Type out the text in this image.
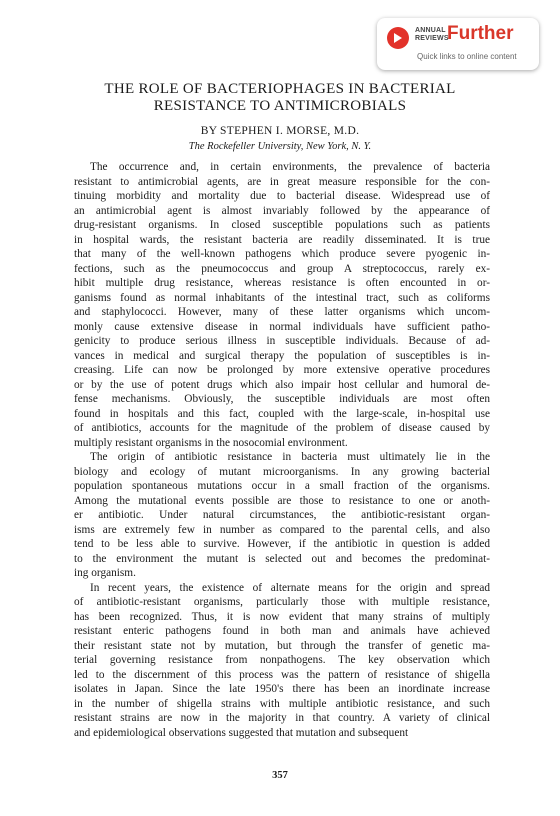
ANNUAL
REVIEWS
Further
Quick links to online content
THE ROLE OF BACTERIOPHAGES IN BACTERIAL
RESISTANCE TO ANTIMICROBIALS
BY STEPHEN I. MORSE, M.D.
The Rockefeller University, New York, N. Y.

The occurrence and, in certain environments, the prevalence of bacteria
resistant to antimicrobial agents, are in great measure responsible for the con-
tinuing morbidity and mortality due to bacterial disease. Widespread use of
an antimicrobial agent is almost invariably followed by the appearance of
drug-resistant organisms. In closed susceptible populations such as patients
in hospital wards, the resistant bacteria are readily disseminated. It is true
that many of the well-known pathogens which produce severe pyogenic in-
fections, such as the pneumococcus and group A streptococcus, rarely ex-
hibit multiple drug resistance, whereas resistance is often encounted in or-
ganisms found as normal inhabitants of the intestinal tract, such as coliforms
and staphylococci. However, many of these latter organisms which uncom-
monly cause extensive disease in normal individuals have sufficient patho-
genicity to produce serious illness in susceptible individuals. Because of ad-
vances in medical and surgical therapy the population of susceptibles is in-
creasing. Life can now be prolonged by more extensive operative procedures
or by the use of potent drugs which also impair host cellular and humoral de-
fense mechanisms. Obviously, the susceptible individuals are most often
found in hospitals and this fact, coupled with the large-scale, in-hospital use
of antibiotics, accounts for the magnitude of the problem of disease caused by
multiply resistant organisms in the nosocomial environment.

The origin of antibiotic resistance in bacteria must ultimately lie in the
biology and ecology of mutant microorganisms. In any growing bacterial
population spontaneous mutations occur in a small fraction of the organisms.
Among the mutational events possible are those to resistance to one or anoth-
er antibiotic. Under natural circumstances, the antibiotic-resistant organ-
isms are extremely few in number as compared to the parental cells, and also
tend to be less able to survive. However, if the antibiotic in question is added
to the environment the mutant is selected out and becomes the predominat-
ing organism.

In recent years, the existence of alternate means for the origin and spread
of antibiotic-resistant organisms, particularly those with multiple resistance,
has been recognized. Thus, it is now evident that many strains of multiply
resistant enteric pathogens found in both man and animals have achieved
their resistant state not by mutation, but through the transfer of genetic ma-
terial governing resistance from nonpathogens. The key observation which
led to the discernment of this process was the pattern of resistance of shigella
isolates in Japan. Since the late 1950's there has been an inordinate increase
in the number of shigella strains with multiple antibiotic resistance, and such
resistant strains are now in the majority in that country. A variety of clinical
and epidemiological observations suggested that mutation and subsequent

357
